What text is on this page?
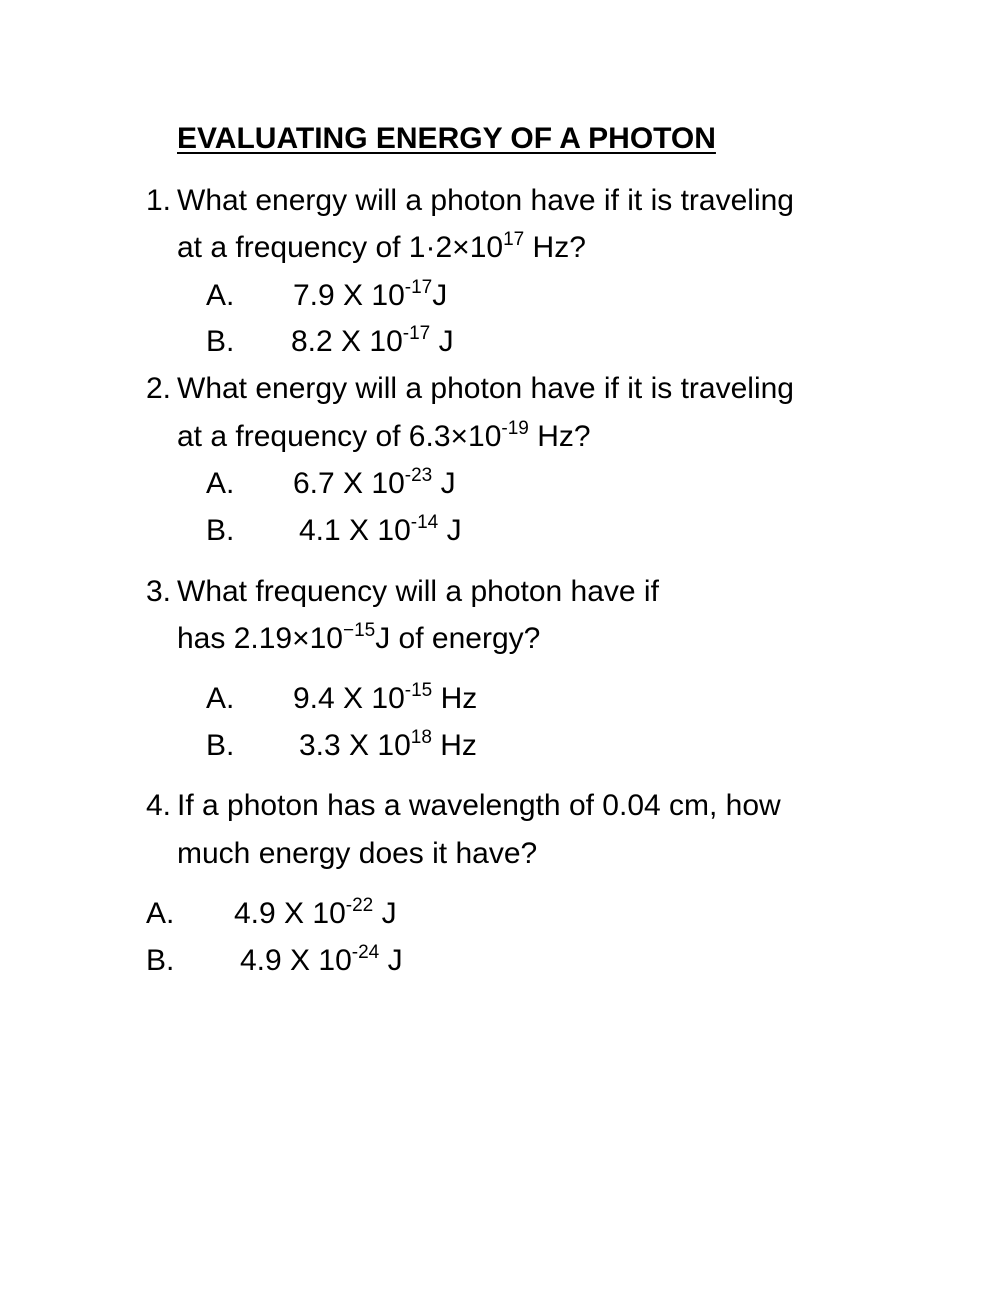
EVALUATING ENERGY OF A PHOTON
1. What energy will a photon have if it is traveling

at a frequency of $1\cdot 2\times 10^{17}$ Hz?

A. 7.9 X $10^{-17}J$
B. 8.2 X $10^{-17}$ J
2. What energy will a photon have if it is traveling

at a frequency of $6.3\times 10^{-19}$ Hz?

A. 6.7 X $10^{-23}$ J
B. 4.1 X $10^{-14}$ J
3. What frequency will a photon have if

has $2.19\times 10^{-15}J$ of energy?

A. 9.4 X $10^{-15}$ Hz
B. 3.3 X $10^{18}$ Hz
4. If a photon has a wavelength of 0.04 cm, how

much energy does it have?

A. 4.9 X $10^{-22}$ J
B. 4.9 X $10^{-24}$ J
